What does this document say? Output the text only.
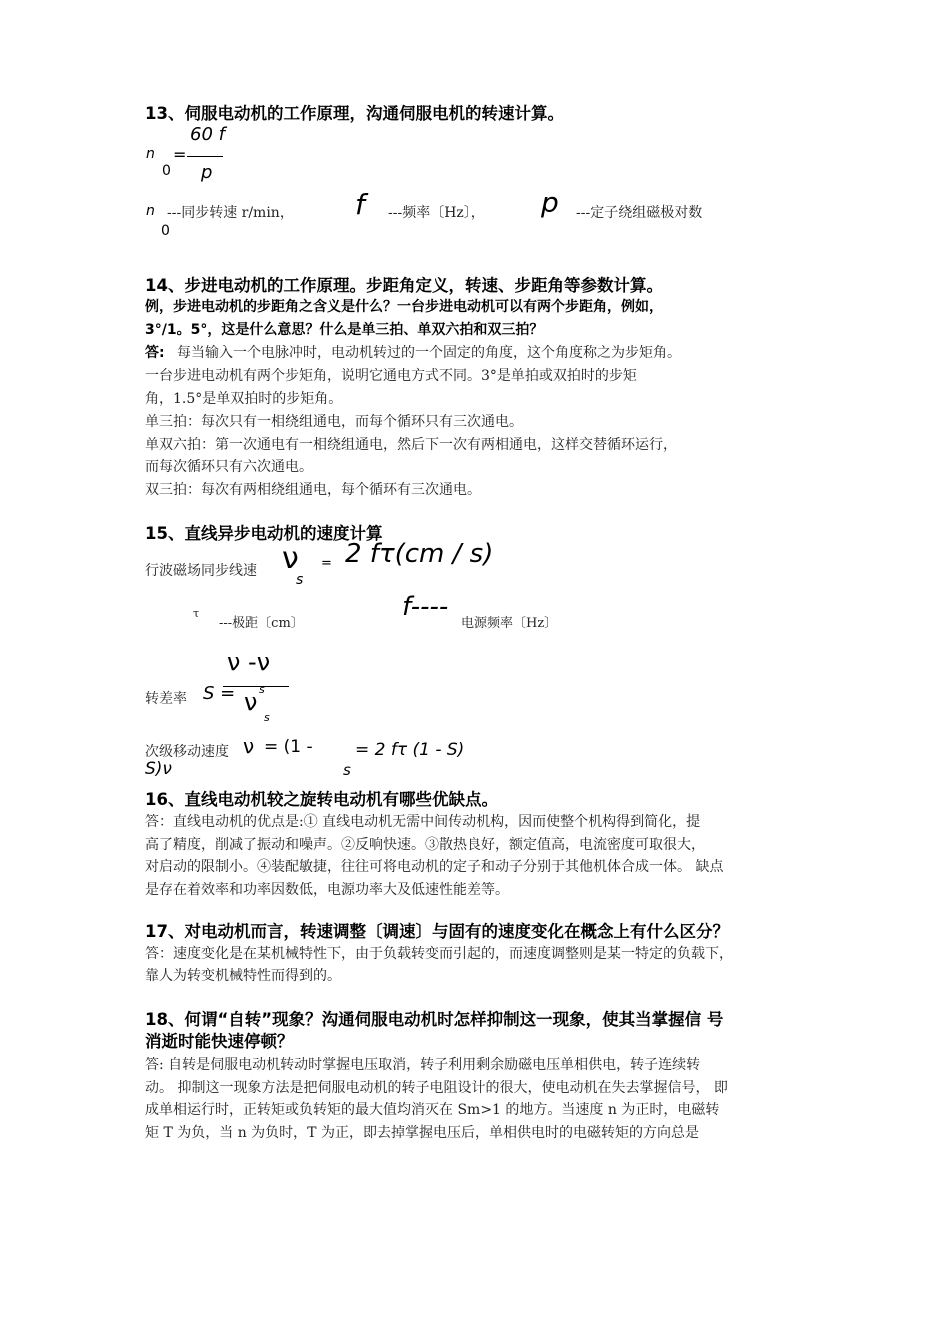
13、伺服电动机的工作原理，沟通伺服电机的转速计算。
60 f
n =
0 p
n ---同步转速 r/min， f ---频率〔Hz〕， p ---定子绕组磁极对数
0
14、步进电动机的工作原理。步距角定义，转速、步距角等参数计算。
例，步进电动机的步距角之含义是什么？一台步进电动机可以有两个步距角，例如，
3°/1。5°，这是什么意思？什么是单三拍、单双六拍和双三拍？
答: 每当输入一个电脉冲时，电动机转过的一个固定的角度，这个角度称之为步矩角。
一台步进电动机有两个步矩角，说明它通电方式不同。3°是单拍或双拍时的步矩
角，1.5°是单双拍时的步矩角。
单三拍：每次只有一相绕组通电，而每个循环只有三次通电。
单双六拍：第一次通电有一相绕组通电，然后下一次有两相通电，这样交替循环运行，
而每次循环只有六次通电。
双三拍：每次有两相绕组通电，每个循环有三次通电。
15、直线异步电动机的速度计算
行波磁场同步线速 ν = 2 fτ(cm / s)
s
τ
---极距〔cm〕
f----
电源频率〔Hz〕
ν -ν
s
转差率 S = ν
s
次级移动速度 ν = (1 - = 2 fτ (1 - S)
S)ν	s
16、直线电动机较之旋转电动机有哪些优缺点。
答：直线电动机的优点是:① 直线电动机无需中间传动机构，因而使整个机构得到简化，提
高了精度，削减了振动和噪声。②反响快速。③散热良好，额定值高，电流密度可取很大，
对启动的限制小。④装配敏捷，往往可将电动机的定子和动子分别于其他机体合成一体。 缺点
是存在着效率和功率因数低，电源功率大及低速性能差等。
17、对电动机而言，转速调整〔调速〕与固有的速度变化在概念上有什么区分？
答：速度变化是在某机械特性下，由于负载转变而引起的，而速度调整则是某一特定的负载下，
靠人为转变机械特性而得到的。
18、何谓“自转”现象？沟通伺服电动机时怎样抑制这一现象，使其当掌握信 号
消逝时能快速停顿？
答: 自转是伺服电动机转动时掌握电压取消，转子利用剩余励磁电压单相供电，转子连续转
动。 抑制这一现象方法是把伺服电动机的转子电阻设计的很大，使电动机在失去掌握信号， 即
成单相运行时，正转矩或负转矩的最大值均消灭在 Sm>1 的地方。当速度 n 为正时，电磁转
矩 T 为负，当 n 为负时，T 为正，即去掉掌握电压后，单相供电时的电磁转矩的方向总是
